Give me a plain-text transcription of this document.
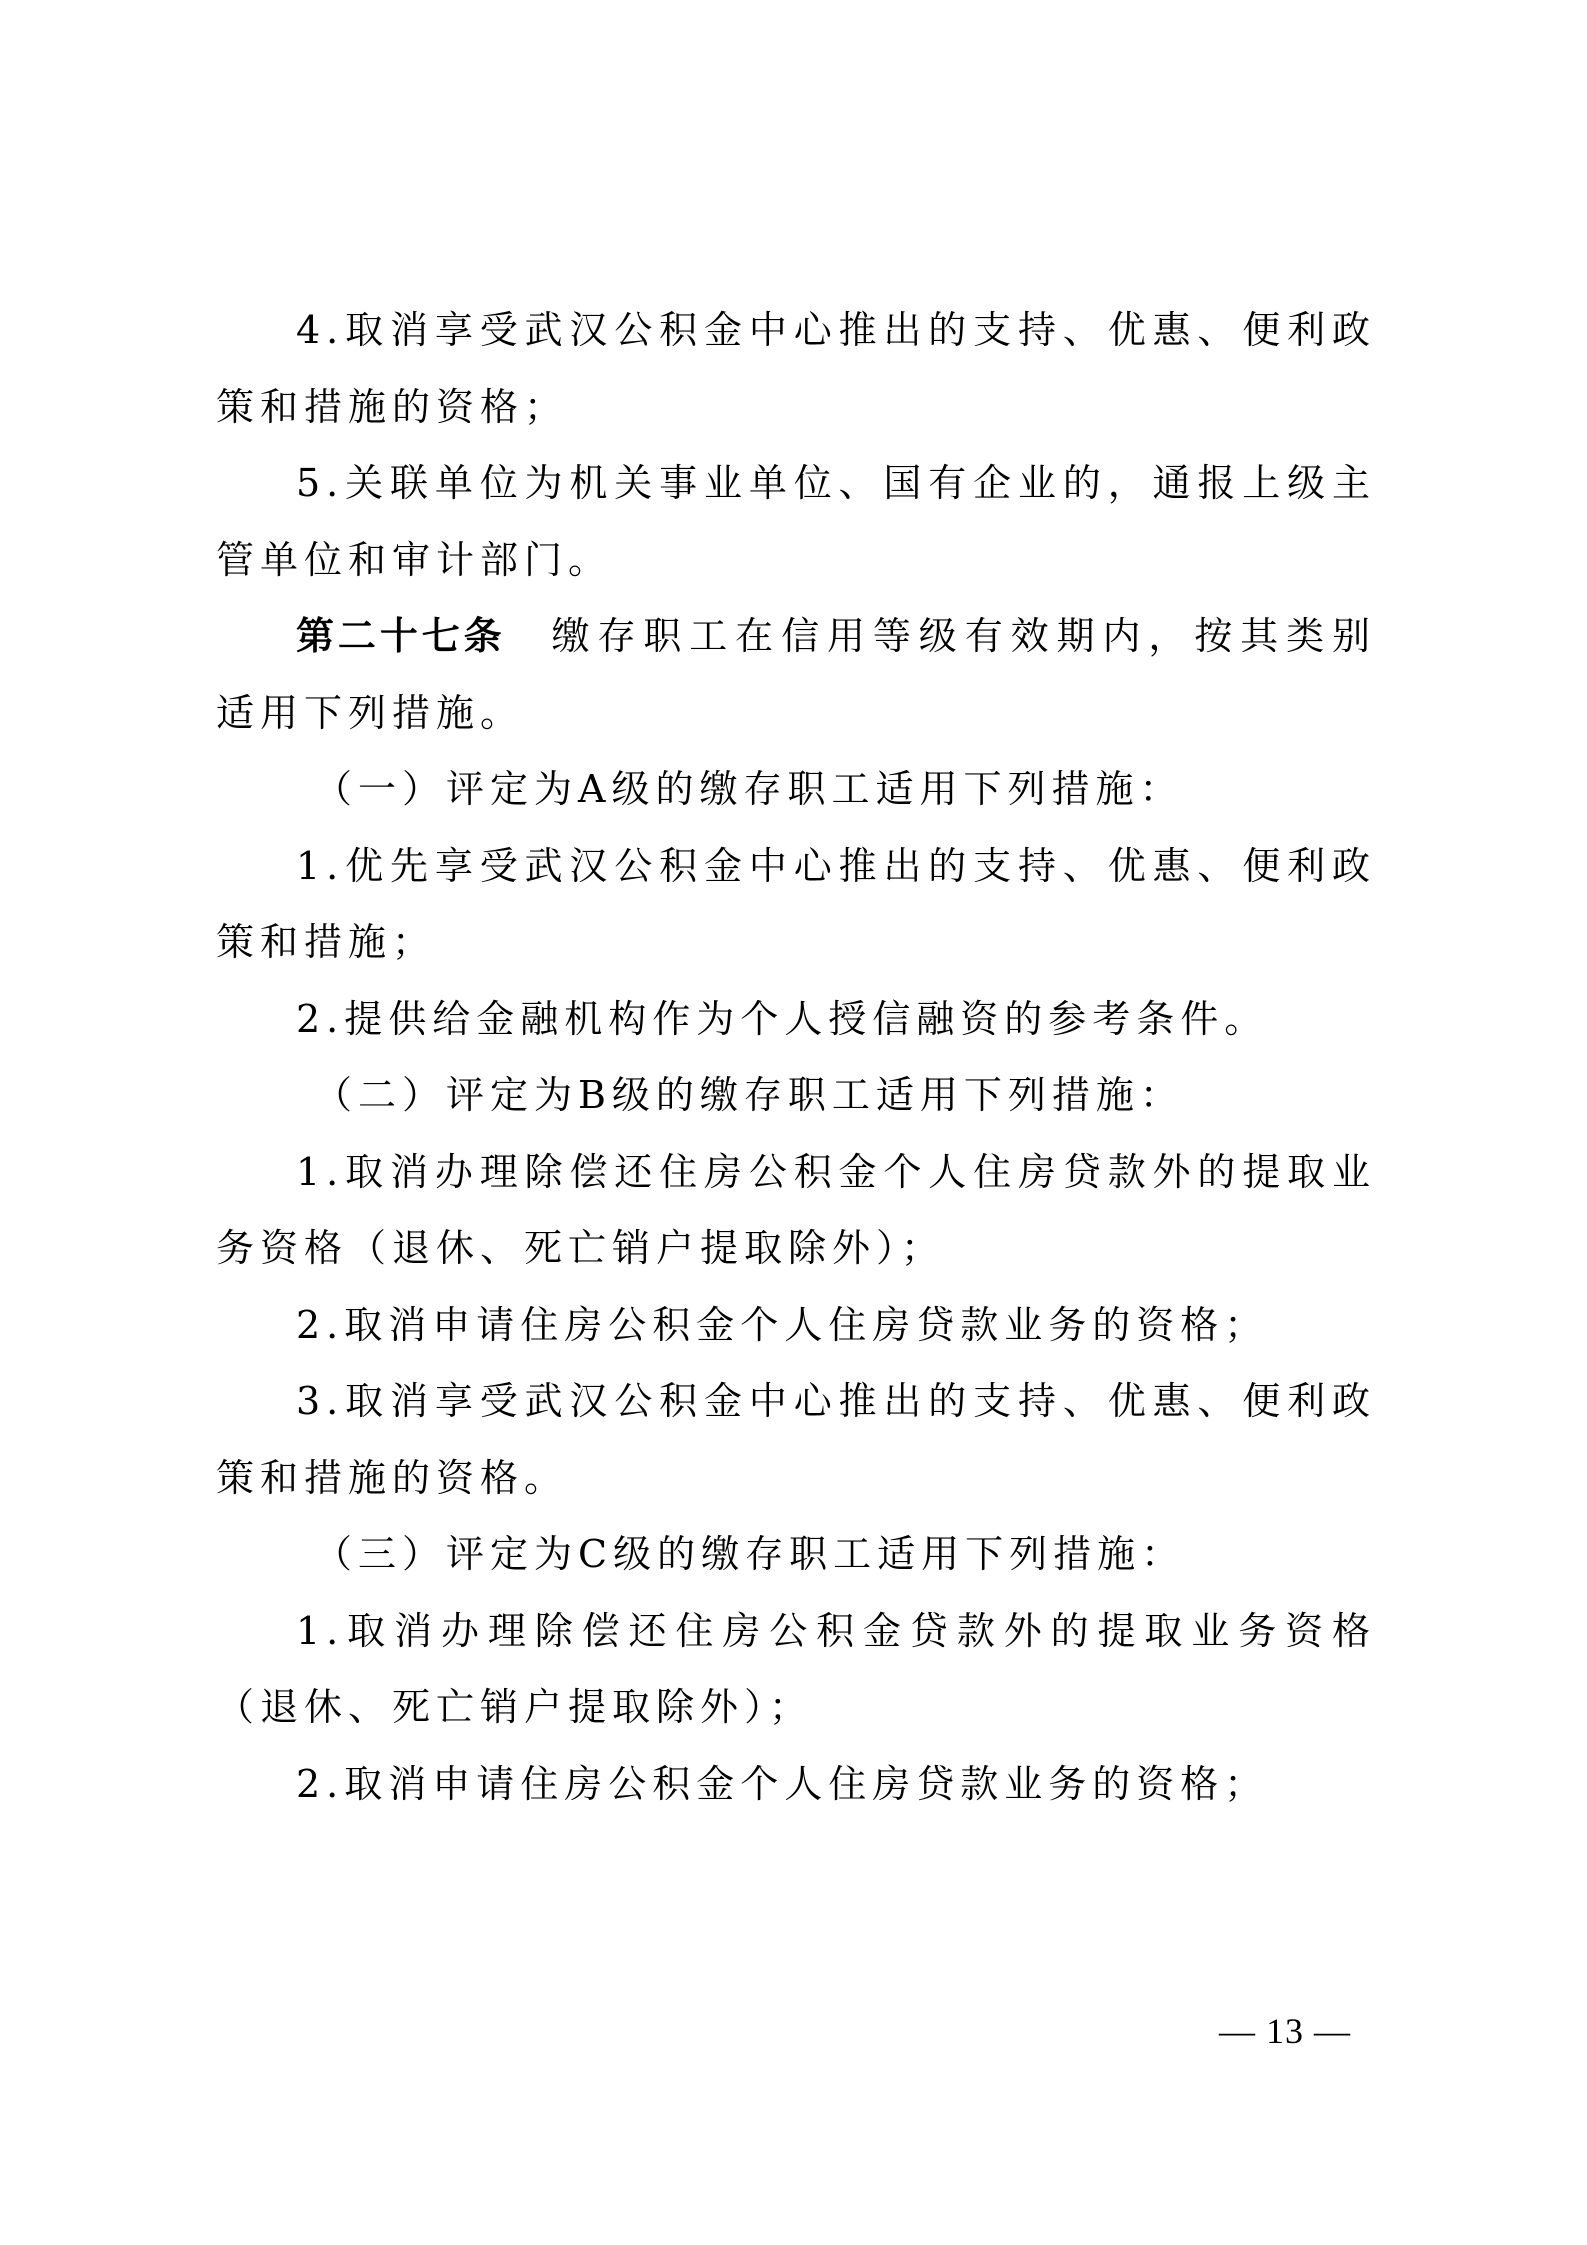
4.取消享受武汉公积金中心推出的支持、优惠、便利政策和措施的资格；

5.关联单位为机关事业单位、国有企业的，通报上级主管单位和审计部门。

第二十七条 缴存职工在信用等级有效期内，按其类别适用下列措施。

（一）评定为A级的缴存职工适用下列措施：

1.优先享受武汉公积金中心推出的支持、优惠、便利政策和措施；

2.提供给金融机构作为个人授信融资的参考条件。

（二）评定为B级的缴存职工适用下列措施：

1.取消办理除偿还住房公积金个人住房贷款外的提取业务资格（退休、死亡销户提取除外）；

2.取消申请住房公积金个人住房贷款业务的资格；

3.取消享受武汉公积金中心推出的支持、优惠、便利政策和措施的资格。

（三）评定为C级的缴存职工适用下列措施：

1.取消办理除偿还住房公积金贷款外的提取业务资格（退休、死亡销户提取除外）；

2.取消申请住房公积金个人住房贷款业务的资格；

— 13 —
